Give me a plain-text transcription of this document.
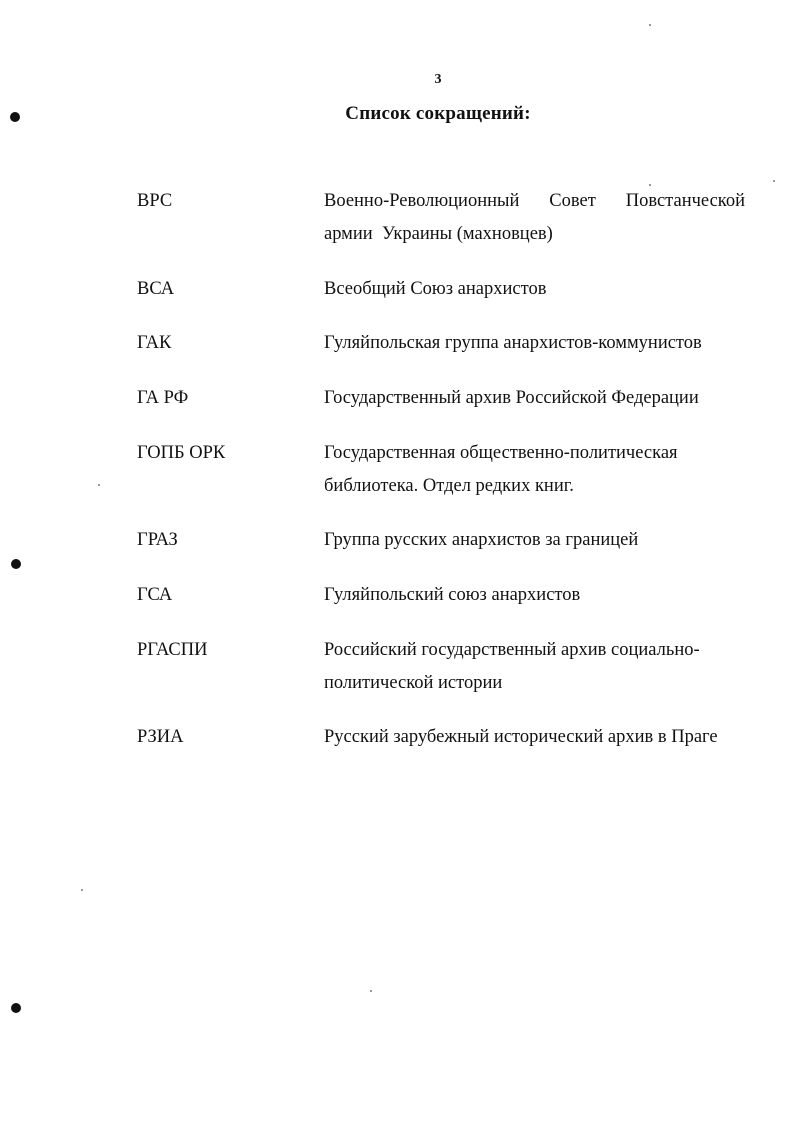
3
Список сокращений:
ВРС	Военно-Революционный Совет Повстанческой
армии  Украины (махновцев)
ВСА	Всеобщий Союз анархистов
ГАК	Гуляйпольская группа анархистов-коммунистов
ГА РФ	Государственный архив Российской Федерации
ГОПБ ОРК	Государственная общественно-политическая
библиотека. Отдел редких книг.
ГРАЗ	Группа русских анархистов за границей
ГСА	Гуляйпольский союз анархистов
РГАСПИ	Российский государственный архив социально-
политической истории
РЗИА	Русский зарубежный исторический архив в Праге
